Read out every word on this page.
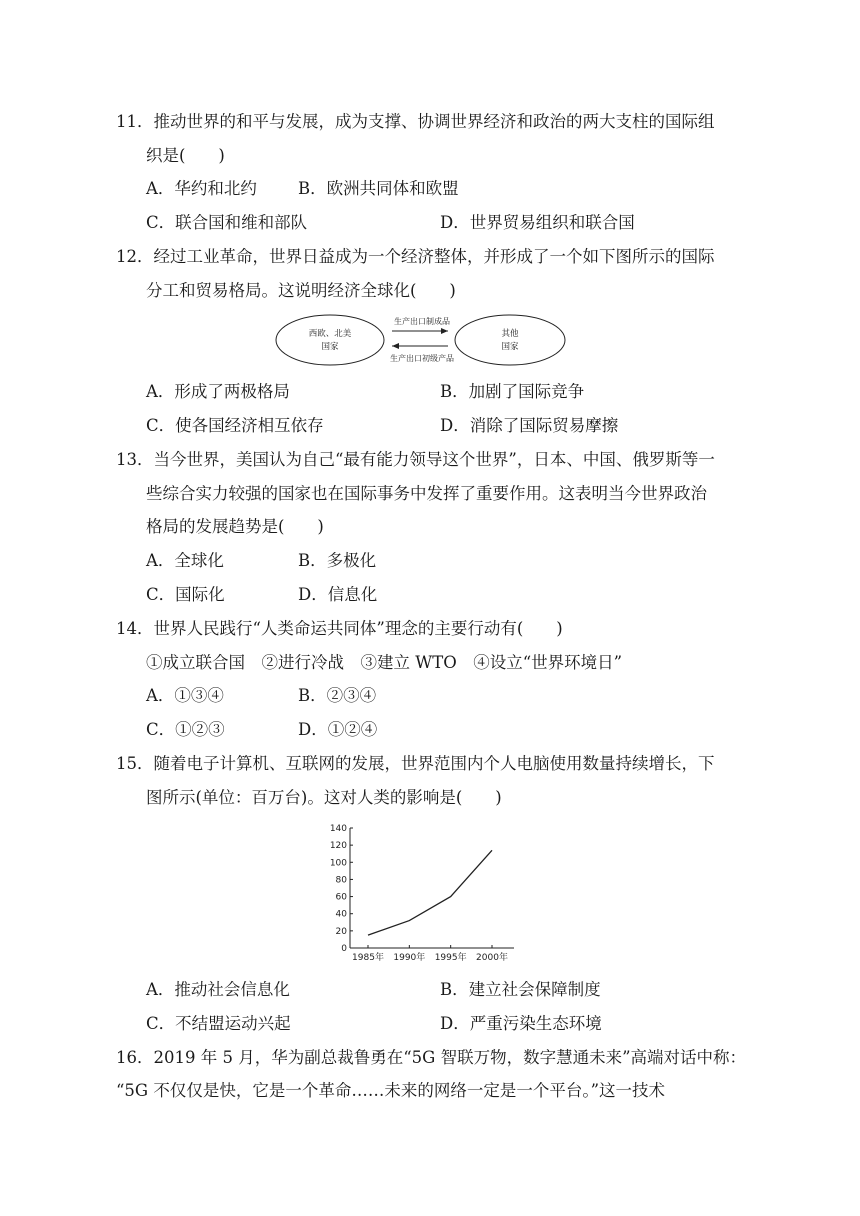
11．推动世界的和平与发展，成为支撑、协调世界经济和政治的两大支柱的国际组
织是(　　)
A．华约和北约 B．欧洲共同体和欧盟
C．联合国和维和部队	D．世界贸易组织和联合国
12．经过工业革命，世界日益成为一个经济整体，并形成了一个如下图所示的国际
分工和贸易格局。这说明经济全球化(　　)
西欧、北美
国家
其他
国家
生产出口制成品
生产出口初级产品
A．形成了两极格局	B．加剧了国际竞争
C．使各国经济相互依存	D．消除了国际贸易摩擦
13．当今世界，美国认为自己“最有能力领导这个世界”，日本、中国、俄罗斯等一
些综合实力较强的国家也在国际事务中发挥了重要作用。这表明当今世界政治
格局的发展趋势是(　　)
A．全球化	B．多极化
C．国际化	D．信息化
14．世界人民践行“人类命运共同体”理念的主要行动有(　　)
①成立联合国　②进行冷战　③建立 WTO　④设立“世界环境日”
A．①③④	B．②③④
C．①②③	D．①②④
15．随着电子计算机、互联网的发展，世界范围内个人电脑使用数量持续增长，下
图所示(单位：百万台)。这对人类的影响是(　　)
0
20
40
60
80
100
120
140
1985年 1990年 1995年 2000年
A．推动社会信息化	B．建立社会保障制度
C．不结盟运动兴起	D．严重污染生态环境
16．2019 年 5 月，华为副总裁鲁勇在“5G 智联万物，数字慧通未来”高端对话中称：
“5G 不仅仅是快，它是一个革命……未来的网络一定是一个平台。”这一技术
